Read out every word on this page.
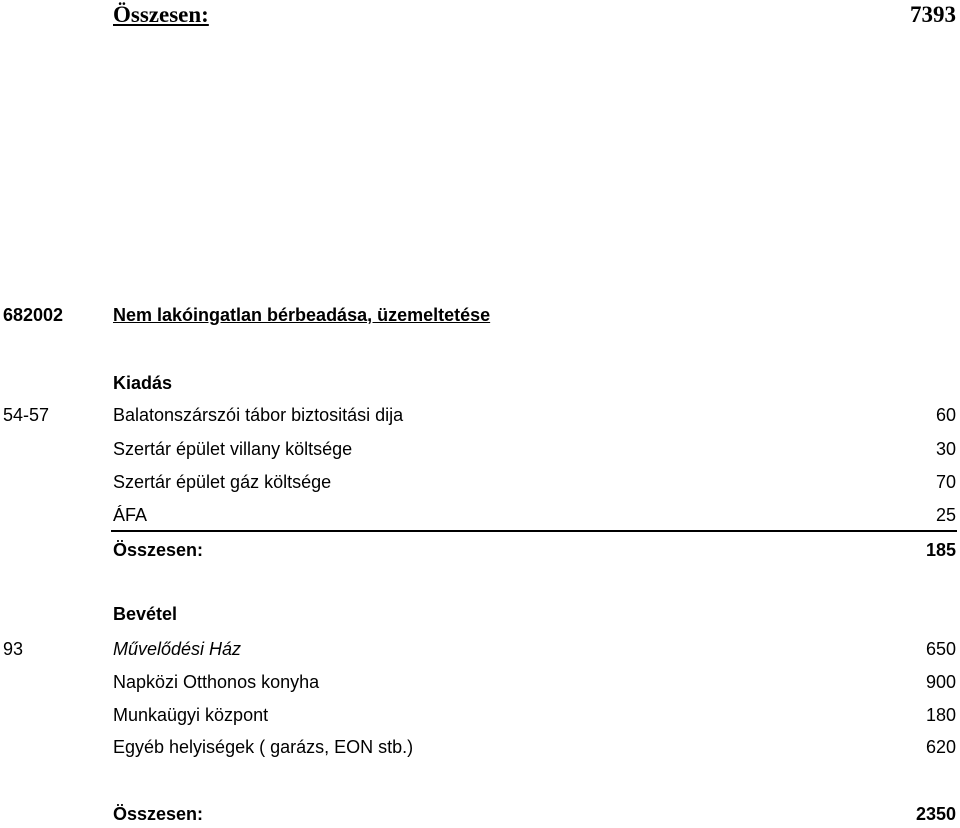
Összesen:	7393
682002	Nem lakóingatlan bérbeadása, üzemeltetése
Kiadás
54-57	Balatonszárszói tábor biztositási dija	60
Szertár épület villany költsége	30
Szertár épület gáz költsége	70
ÁFA	25
Összesen:	185
Bevétel
93	Művelődési Ház	650
Napközi Otthonos konyha	900
Munkaügyi központ	180
Egyéb helyiségek ( garázs, EON stb.)	620
Összesen:	2350
